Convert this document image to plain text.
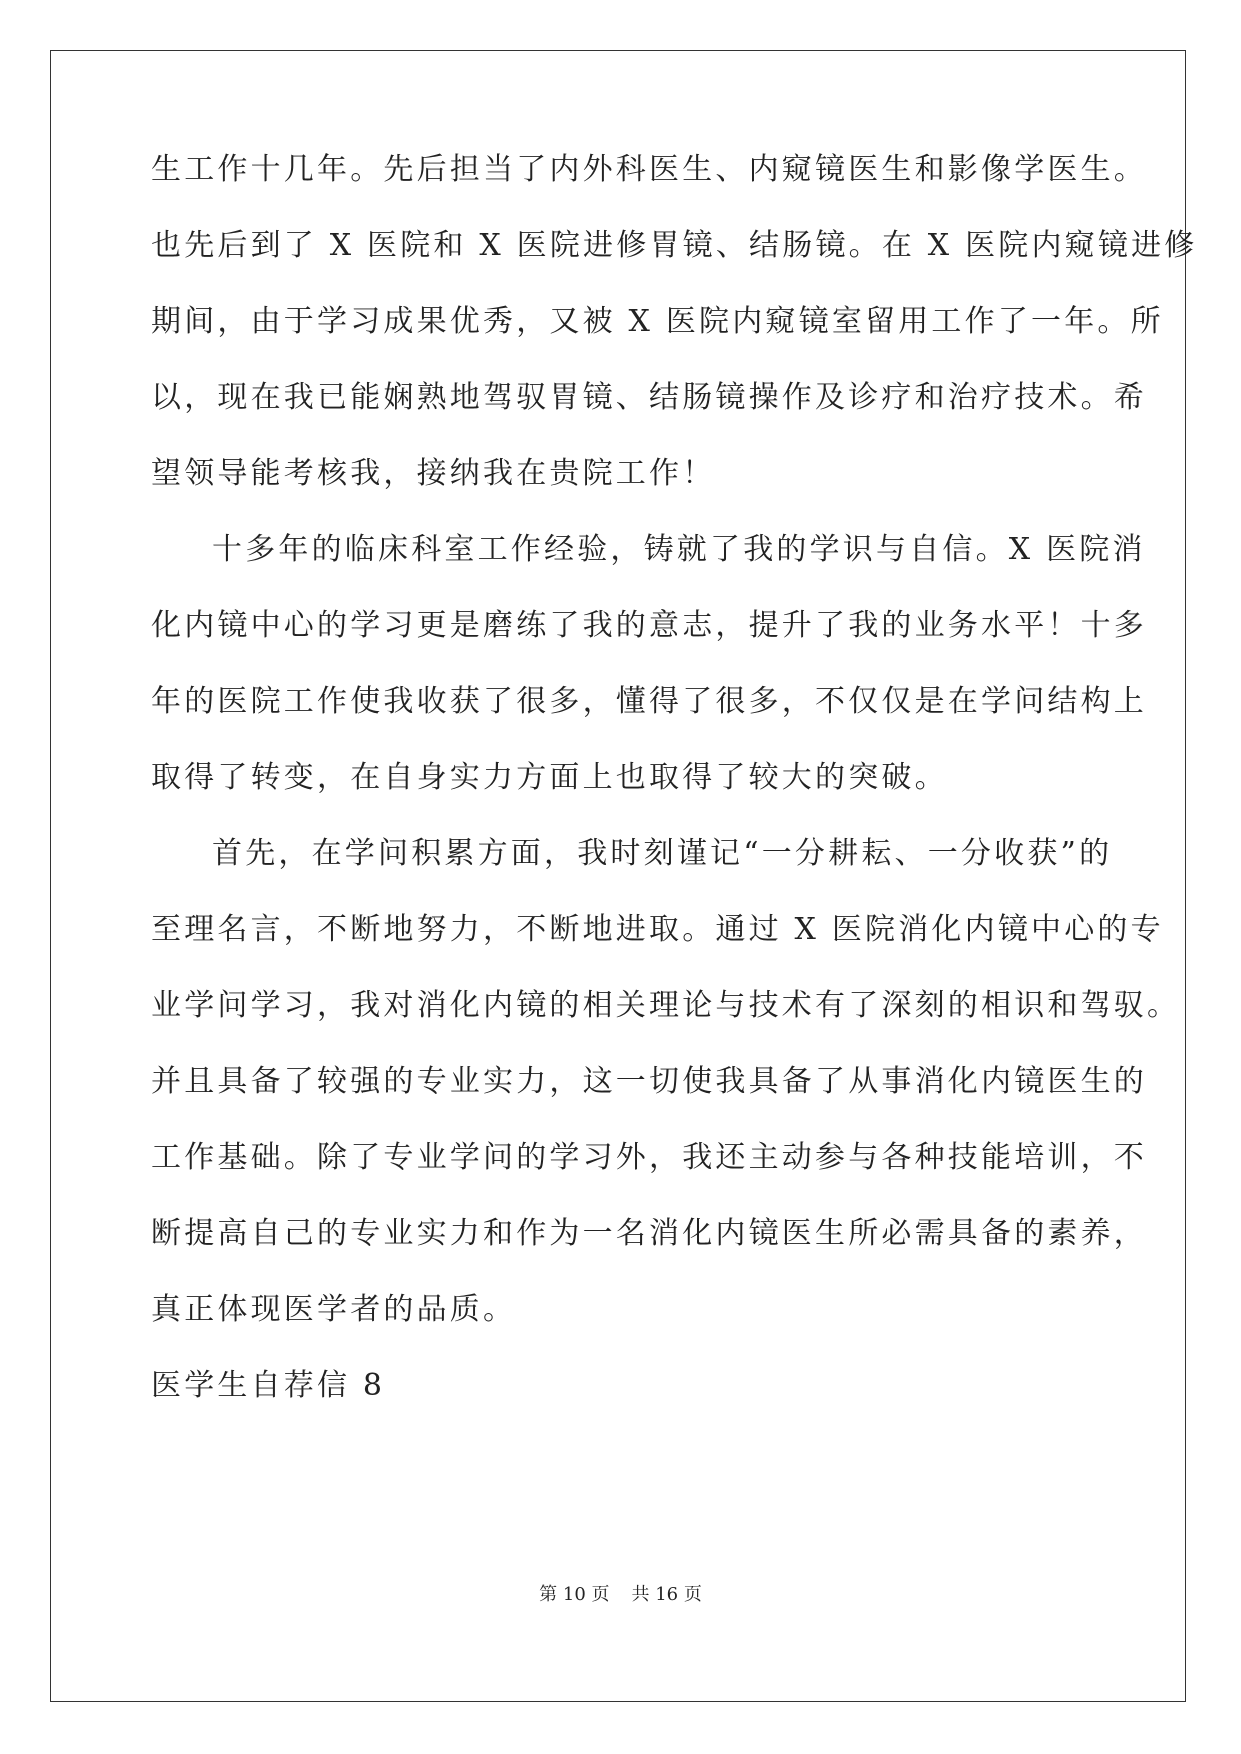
生工作十几年。先后担当了内外科医生、内窥镜医生和影像学医生。
也先后到了 X 医院和 X 医院进修胃镜、结肠镜。在 X 医院内窥镜进修
期间，由于学习成果优秀，又被 X 医院内窥镜室留用工作了一年。所
以，现在我已能娴熟地驾驭胃镜、结肠镜操作及诊疗和治疗技术。希
望领导能考核我，接纳我在贵院工作！
十多年的临床科室工作经验，铸就了我的学识与自信。X 医院消
化内镜中心的学习更是磨练了我的意志，提升了我的业务水平！十多
年的医院工作使我收获了很多，懂得了很多，不仅仅是在学问结构上
取得了转变，在自身实力方面上也取得了较大的突破。
首先，在学问积累方面，我时刻谨记“一分耕耘、一分收获”的
至理名言，不断地努力，不断地进取。通过 X 医院消化内镜中心的专
业学问学习，我对消化内镜的相关理论与技术有了深刻的相识和驾驭。
并且具备了较强的专业实力，这一切使我具备了从事消化内镜医生的
工作基础。除了专业学问的学习外，我还主动参与各种技能培训，不
断提高自己的专业实力和作为一名消化内镜医生所必需具备的素养，
真正体现医学者的品质。
医学生自荐信 8
第 10 页 共 16 页
